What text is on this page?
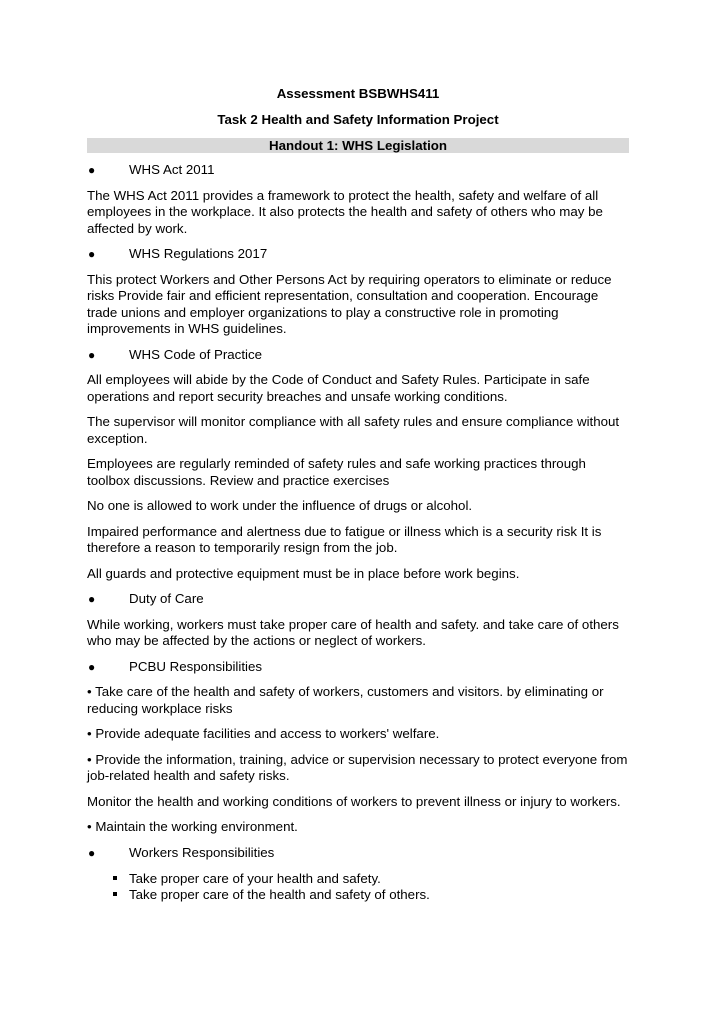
Assessment BSBWHS411
Task 2 Health and Safety Information Project
Handout 1: WHS Legislation
●	WHS Act 2011

The WHS Act 2011 provides a framework to protect the health, safety and welfare of all employees in the workplace. It also protects the health and safety of others who may be affected by work.

●	WHS Regulations 2017

This protect Workers and Other Persons Act by requiring operators to eliminate or reduce risks Provide fair and efficient representation, consultation and cooperation. Encourage trade unions and employer organizations to play a constructive role in promoting improvements in WHS guidelines.

●	WHS Code of Practice

All employees will abide by the Code of Conduct and Safety Rules. Participate in safe operations and report security breaches and unsafe working conditions.

The supervisor will monitor compliance with all safety rules and ensure compliance without exception.

Employees are regularly reminded of safety rules and safe working practices through toolbox discussions. Review and practice exercises

No one is allowed to work under the influence of drugs or alcohol.

Impaired performance and alertness due to fatigue or illness which is a security risk It is therefore a reason to temporarily resign from the job.

All guards and protective equipment must be in place before work begins.

●	Duty of Care

While working, workers must take proper care of health and safety. and take care of others who may be affected by the actions or neglect of workers.

●	PCBU Responsibilities

• Take care of the health and safety of workers, customers and visitors. by eliminating or reducing workplace risks

• Provide adequate facilities and access to workers' welfare.

• Provide the information, training, advice or supervision necessary to protect everyone from job-related health and safety risks.

Monitor the health and working conditions of workers to prevent illness or injury to workers.

• Maintain the working environment.

●	Workers Responsibilities
Take proper care of your health and safety.
Take proper care of the health and safety of others.
